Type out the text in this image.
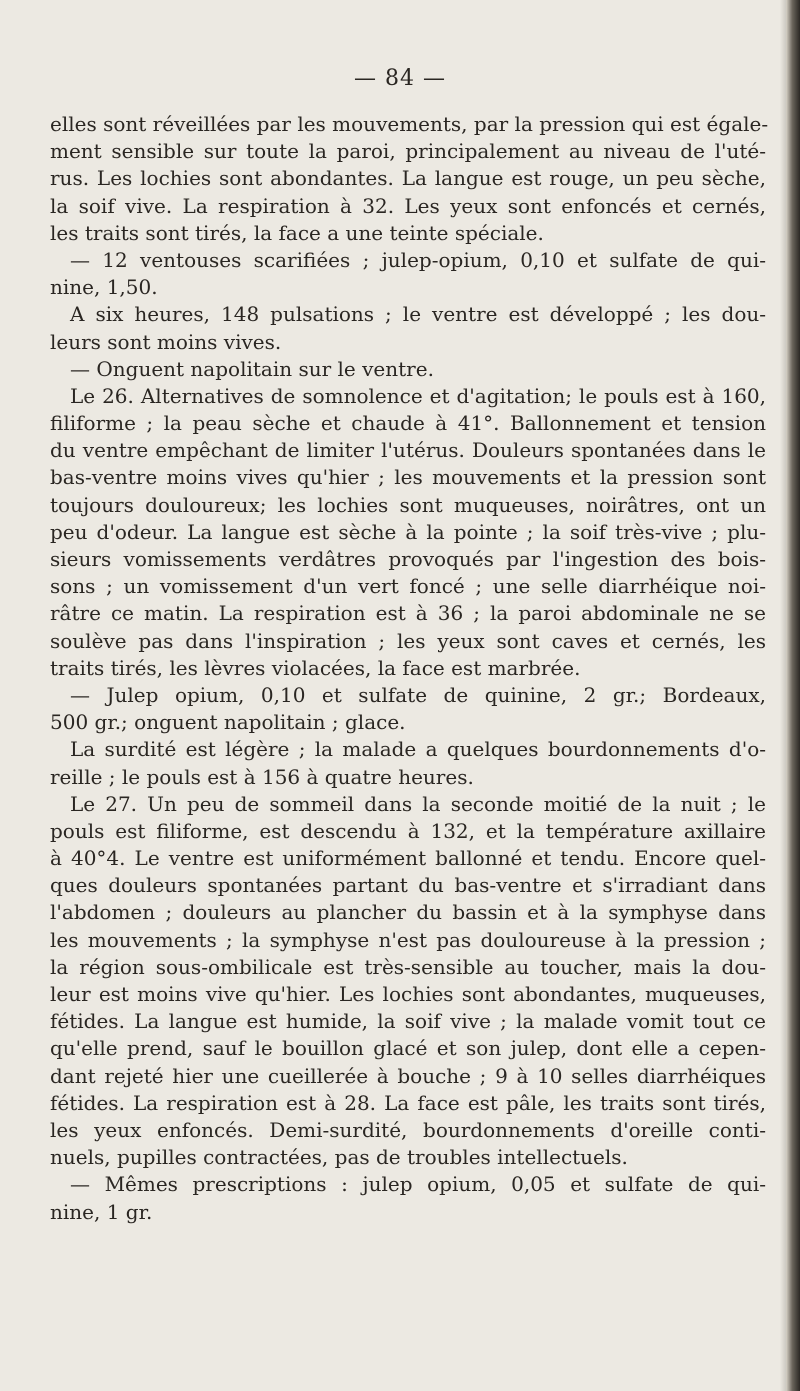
— 84 —
elles sont réveillées par les mouvements, par la pression qui est égale-
ment sensible sur toute la paroi, principalement au niveau de l'uté-
rus. Les lochies sont abondantes. La langue est rouge, un peu sèche,
la soif vive. La respiration à 32. Les yeux sont enfoncés et cernés,
les traits sont tirés, la face a une teinte spéciale.
— 12 ventouses scarifiées ; julep-opium, 0,10 et sulfate de qui-
nine, 1,50.
A six heures, 148 pulsations ; le ventre est développé ; les dou-
leurs sont moins vives.
— Onguent napolitain sur le ventre.
Le 26. Alternatives de somnolence et d'agitation; le pouls est à 160,
filiforme ; la peau sèche et chaude à 41°. Ballonnement et tension
du ventre empêchant de limiter l'utérus. Douleurs spontanées dans le
bas-ventre moins vives qu'hier ; les mouvements et la pression sont
toujours douloureux; les lochies sont muqueuses, noirâtres, ont un
peu d'odeur. La langue est sèche à la pointe ; la soif très-vive ; plu-
sieurs vomissements verdâtres provoqués par l'ingestion des bois-
sons ; un vomissement d'un vert foncé ; une selle diarrhéique noi-
râtre ce matin. La respiration est à 36 ; la paroi abdominale ne se
soulève pas dans l'inspiration ; les yeux sont caves et cernés, les
traits tirés, les lèvres violacées, la face est marbrée.
— Julep opium, 0,10 et sulfate de quinine, 2 gr.; Bordeaux,
500 gr.; onguent napolitain ; glace.
La surdité est légère ; la malade a quelques bourdonnements d'o-
reille ; le pouls est à 156 à quatre heures.
Le 27. Un peu de sommeil dans la seconde moitié de la nuit ; le
pouls est filiforme, est descendu à 132, et la température axillaire
à 40°4. Le ventre est uniformément ballonné et tendu. Encore quel-
ques douleurs spontanées partant du bas-ventre et s'irradiant dans
l'abdomen ; douleurs au plancher du bassin et à la symphyse dans
les mouvements ; la symphyse n'est pas douloureuse à la pression ;
la région sous-ombilicale est très-sensible au toucher, mais la dou-
leur est moins vive qu'hier. Les lochies sont abondantes, muqueuses,
fétides. La langue est humide, la soif vive ; la malade vomit tout ce
qu'elle prend, sauf le bouillon glacé et son julep, dont elle a cepen-
dant rejeté hier une cueillerée à bouche ; 9 à 10 selles diarrhéiques
fétides. La respiration est à 28. La face est pâle, les traits sont tirés,
les yeux enfoncés. Demi-surdité, bourdonnements d'oreille conti-
nuels, pupilles contractées, pas de troubles intellectuels.
— Mêmes prescriptions : julep opium, 0,05 et sulfate de qui-
nine, 1 gr.
